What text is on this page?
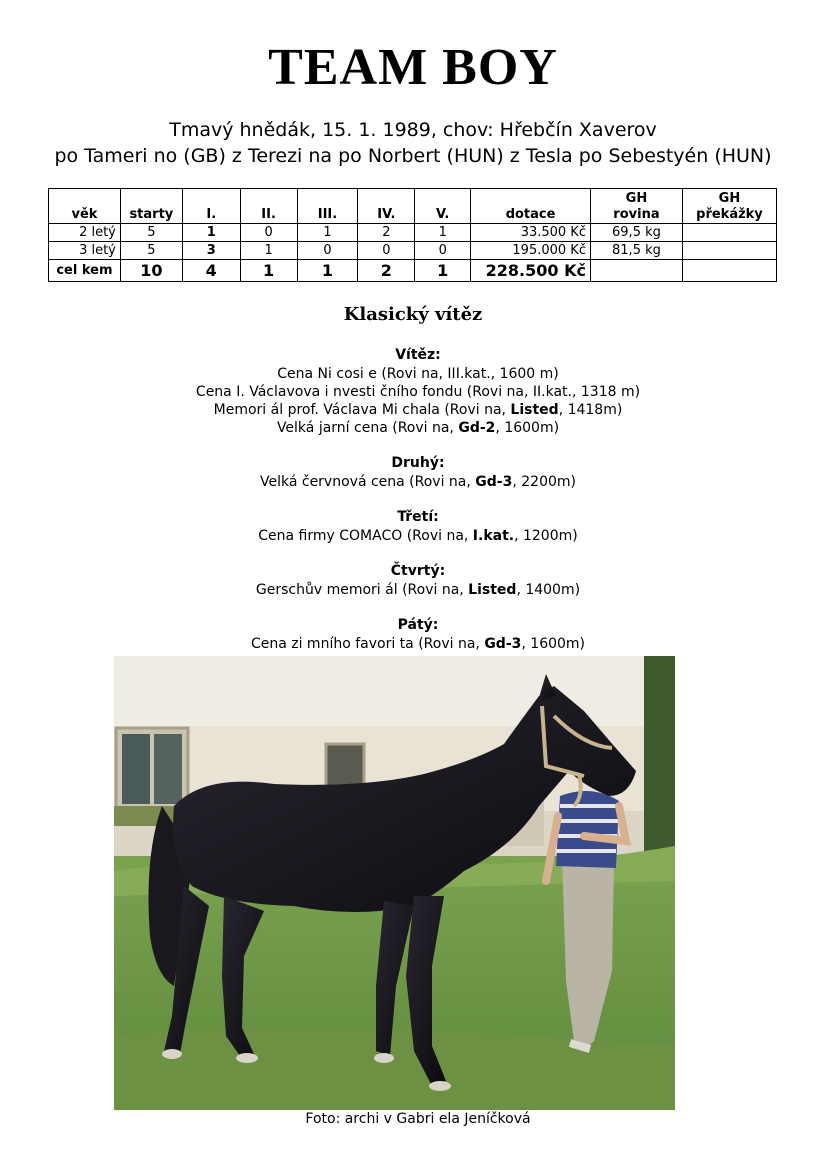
TEAM BOY
Tmavý hnědák, 15. 1. 1989, chov: Hřebčín Xaverov
po Tameri no (GB) z Terezi na po Norbert (HUN) z Tesla po Sebestyén (HUN)
věk	starty	I.	II.	III.	IV.	V.	dotace	GH rovina	GH překážky
2 letý	5	1	0	1	2	1	33.500 Kč	69,5 kg	
3 letý	5	3	1	0	0	0	195.000 Kč	81,5 kg	
cel kem	10	4	1	1	2	1	228.500 Kč		
Klasický vítěz
Vítěz:
Cena Ni cosi e (Rovi na, III.kat., 1600 m)
Cena I. Václavova i nvesti čního fondu (Rovi na, II.kat., 1318 m)
Memori ál prof. Václava Mi chala (Rovi na, Listed, 1418m)
Velká jarní cena (Rovi na, Gd-2, 1600m)
Druhý:
Velká červnová cena (Rovi na, Gd-3, 2200m)
Třetí:
Cena firmy COMACO (Rovi na, I.kat., 1200m)
Čtvrtý:
Gerschův memori ál (Rovi na, Listed, 1400m)
Pátý:
Cena zi mního favori ta (Rovi na, Gd-3, 1600m)
Foto: archi v Gabri ela Jeníčková
